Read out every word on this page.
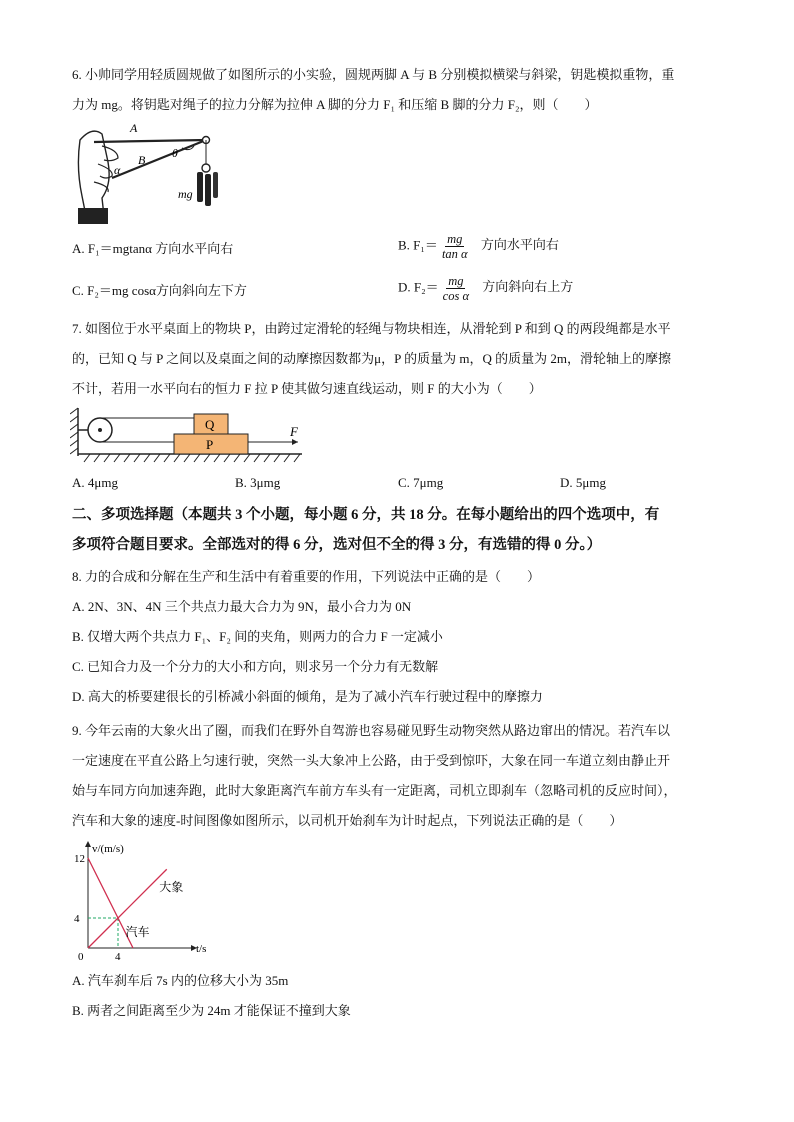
6. 小帅同学用轻质圆规做了如图所示的小实验，圆规两脚 A 与 B 分别模拟横梁与斜梁，钥匙模拟重物，重
力为 mg。将钥匙对绳子的拉力分解为拉伸 A 脚的分力 F₁ 和压缩 B 脚的分力 F₂，则（　　）
A
θ
B
α
mg
A. F₁＝mgtanα 方向水平向右	B. $F_1= \frac{mg}{\text{tan α}}$ 方向水平向右
C. F₂＝mg cosα方向斜向左下方	D. $F_2= \frac{mg}{\text{cos α}}$ 方向斜向右上方
7. 如图位于水平桌面上的物块 P，由跨过定滑轮的轻绳与物块相连，从滑轮到 P 和到 Q 的两段绳都是水平
的，已知 Q 与 P 之间以及桌面之间的动摩擦因数都为μ，P 的质量为 m，Q 的质量为 2m，滑轮轴上的摩擦
不计，若用一水平向右的恒力 F 拉 P 使其做匀速直线运动，则 F 的大小为（　　）
Q
P
F
A. 4μmg	B. 3μmg	C. 7μmg	D. 5μmg
二、多项选择题（本题共 3 个小题，每小题 6 分，共 18 分。在每小题给出的四个选项中，有
多项符合题目要求。全部选对的得 6 分，选对但不全的得 3 分，有选错的得 0 分。）
8. 力的合成和分解在生产和生活中有着重要的作用，下列说法中正确的是（　　）
A. 2N、3N、4N 三个共点力最大合力为 9N，最小合力为 0N
B. 仅增大两个共点力 F₁、F₂ 间的夹角，则两力的合力 F 一定减小
C. 已知合力及一个分力的大小和方向，则求另一个分力有无数解
D. 高大的桥要建很长的引桥减小斜面的倾角，是为了减小汽车行驶过程中的摩擦力
9. 今年云南的大象火出了圈，而我们在野外自驾游也容易碰见野生动物突然从路边窜出的情况。若汽车以
一定速度在平直公路上匀速行驶，突然一头大象冲上公路，由于受到惊吓，大象在同一车道立刻由静止开
始与车同方向加速奔跑，此时大象距离汽车前方车头有一定距离，司机立即刹车（忽略司机的反应时间），
汽车和大象的速度-时间图像如图所示，以司机开始刹车为计时起点，下列说法正确的是（　　）
v/(m/s)
t/s
0
4
12
4
大象
汽车
A. 汽车刹车后 7s 内的位移大小为 35m
B. 两者之间距离至少为 24m 才能保证不撞到大象
